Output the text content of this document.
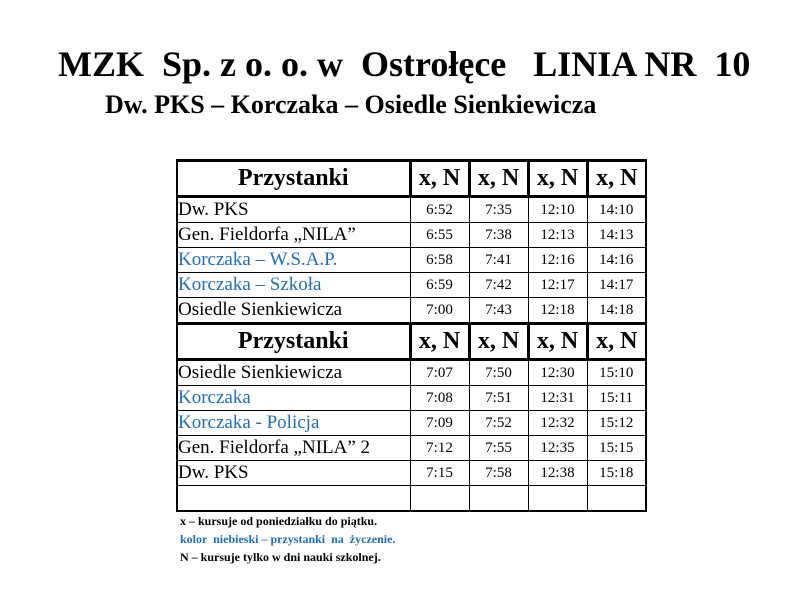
MZK  Sp. z o. o. w  Ostrołęce   LINIA NR  10
Dw. PKS – Korczaka – Osiedle Sienkiewicza
Przystanki	x, N	x, N	x, N	x, N
Dw. PKS	6:52	7:35	12:10	14:10
Gen. Fieldorfa „NILA”	6:55	7:38	12:13	14:13
Korczaka – W.S.A.P.	6:58	7:41	12:16	14:16
Korczaka – Szkoła	6:59	7:42	12:17	14:17
Osiedle Sienkiewicza	7:00	7:43	12:18	14:18
Przystanki	x, N	x, N	x, N	x, N
Osiedle Sienkiewicza	7:07	7:50	12:30	15:10
Korczaka	7:08	7:51	12:31	15:11
Korczaka - Policja	7:09	7:52	12:32	15:12
Gen. Fieldorfa „NILA” 2	7:12	7:55	12:35	15:15
Dw. PKS	7:15	7:58	12:38	15:18

x – kursuje od poniedziałku do piątku.
kolor  niebieski – przystanki  na  życzenie.
N – kursuje tylko w dni nauki szkolnej.
